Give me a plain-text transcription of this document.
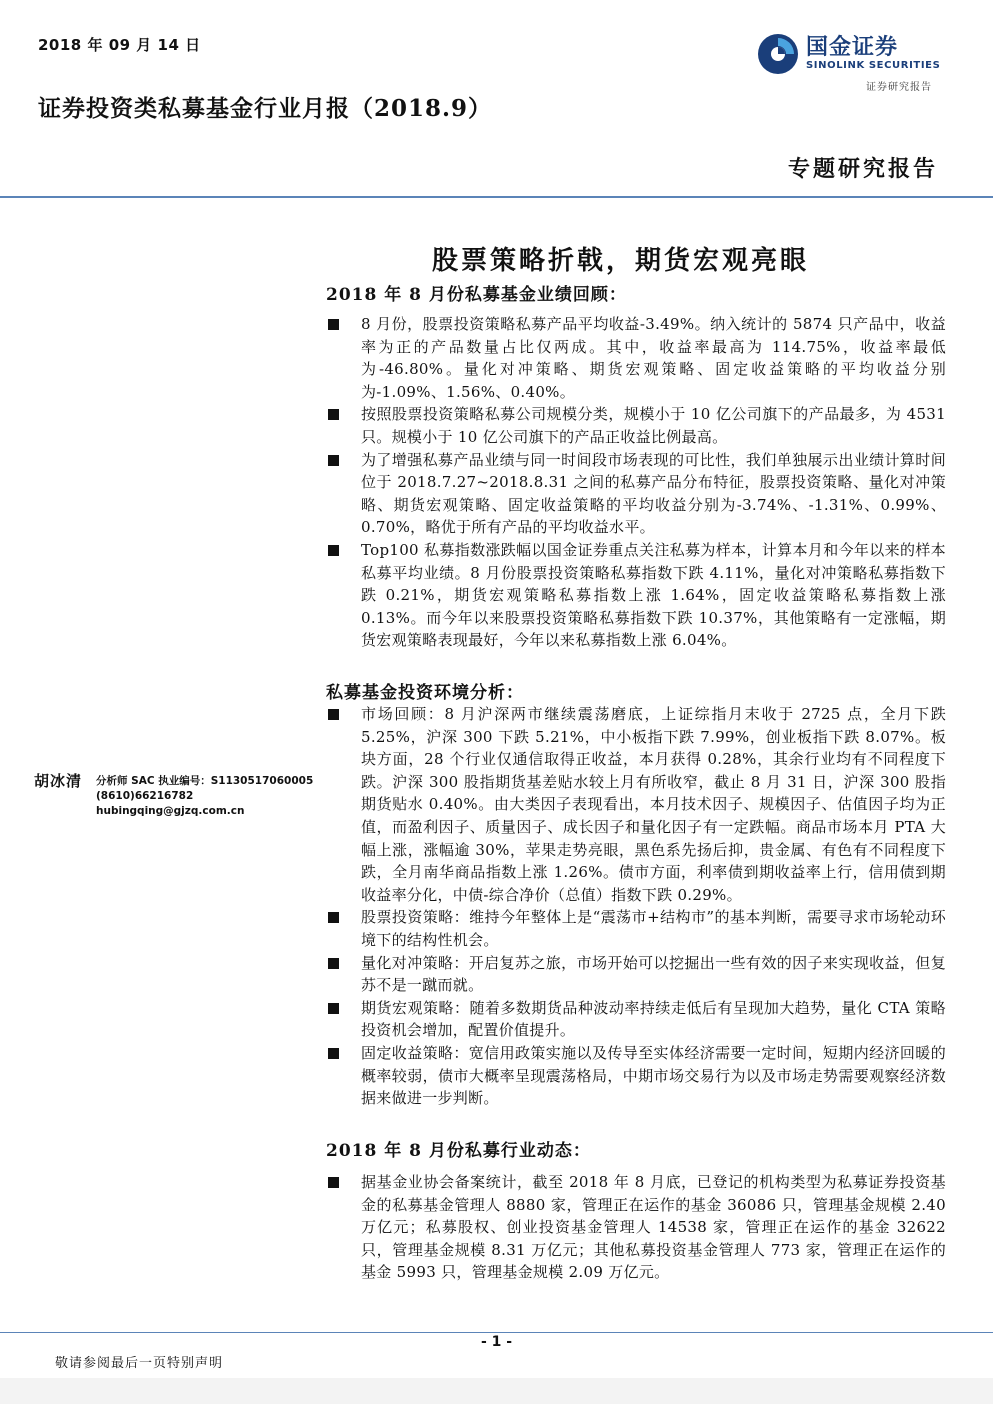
2018 年 09 月 14 日
证券投资类私募基金行业月报（2018.9）
国金证券
SINOLINK SECURITIES
证券研究报告
专题研究报告
股票策略折戟，期货宏观亮眼
2018 年 8 月份私募基金业绩回顾：
8 月份，股票投资策略私募产品平均收益-3.49%。纳入统计的 5874 只产品中，收益率为正的产品数量占比仅两成。其中，收益率最高为 114.75%，收益率最低为-46.80%。量化对冲策略、期货宏观策略、固定收益策略的平均收益分别为-1.09%、1.56%、0.40%。
按照股票投资策略私募公司规模分类，规模小于 10 亿公司旗下的产品最多，为 4531 只。规模小于 10 亿公司旗下的产品正收益比例最高。
为了增强私募产品业绩与同一时间段市场表现的可比性，我们单独展示出业绩计算时间位于 2018.7.27~2018.8.31 之间的私募产品分布特征，股票投资策略、量化对冲策略、期货宏观策略、固定收益策略的平均收益分别为-3.74%、-1.31%、0.99%、0.70%，略优于所有产品的平均收益水平。
Top100 私募指数涨跌幅以国金证券重点关注私募为样本，计算本月和今年以来的样本私募平均业绩。8 月份股票投资策略私募指数下跌 4.11%，量化对冲策略私募指数下跌 0.21%，期货宏观策略私募指数上涨 1.64%，固定收益策略私募指数上涨 0.13%。而今年以来股票投资策略私募指数下跌 10.37%，其他策略有一定涨幅，期货宏观策略表现最好，今年以来私募指数上涨 6.04%。
私募基金投资环境分析：
市场回顾：8 月沪深两市继续震荡磨底，上证综指月末收于 2725 点，全月下跌 5.25%，沪深 300 下跌 5.21%，中小板指下跌 7.99%，创业板指下跌 8.07%。板块方面，28 个行业仅通信取得正收益，本月获得 0.28%，其余行业均有不同程度下跌。沪深 300 股指期货基差贴水较上月有所收窄，截止 8 月 31 日，沪深 300 股指期货贴水 0.40%。由大类因子表现看出，本月技术因子、规模因子、估值因子均为正值，而盈利因子、质量因子、成长因子和量化因子有一定跌幅。商品市场本月 PTA 大幅上涨，涨幅逾 30%，苹果走势亮眼，黑色系先扬后抑，贵金属、有色有不同程度下跌，全月南华商品指数上涨 1.26%。债市方面，利率债到期收益率上行，信用债到期收益率分化，中债-综合净价（总值）指数下跌 0.29%。
股票投资策略：维持今年整体上是“震荡市+结构市”的基本判断，需要寻求市场轮动环境下的结构性机会。
量化对冲策略：开启复苏之旅，市场开始可以挖掘出一些有效的因子来实现收益，但复苏不是一蹴而就。
期货宏观策略：随着多数期货品种波动率持续走低后有呈现加大趋势，量化 CTA 策略投资机会增加，配置价值提升。
固定收益策略：宽信用政策实施以及传导至实体经济需要一定时间，短期内经济回暖的概率较弱，债市大概率呈现震荡格局，中期市场交易行为以及市场走势需要观察经济数据来做进一步判断。
2018 年 8 月份私募行业动态：
据基金业协会备案统计，截至 2018 年 8 月底，已登记的机构类型为私募证券投资基金的私募基金管理人 8880 家，管理正在运作的基金 36086 只，管理基金规模 2.40 万亿元；私募股权、创业投资基金管理人 14538 家，管理正在运作的基金 32622 只，管理基金规模 8.31 万亿元；其他私募投资基金管理人 773 家，管理正在运作的基金 5993 只，管理基金规模 2.09 万亿元。
胡冰清 分析师 SAC 执业编号：S1130517060005
(8610)66216782
hubingqing@gjzq.com.cn
- 1 -
敬请参阅最后一页特别声明
